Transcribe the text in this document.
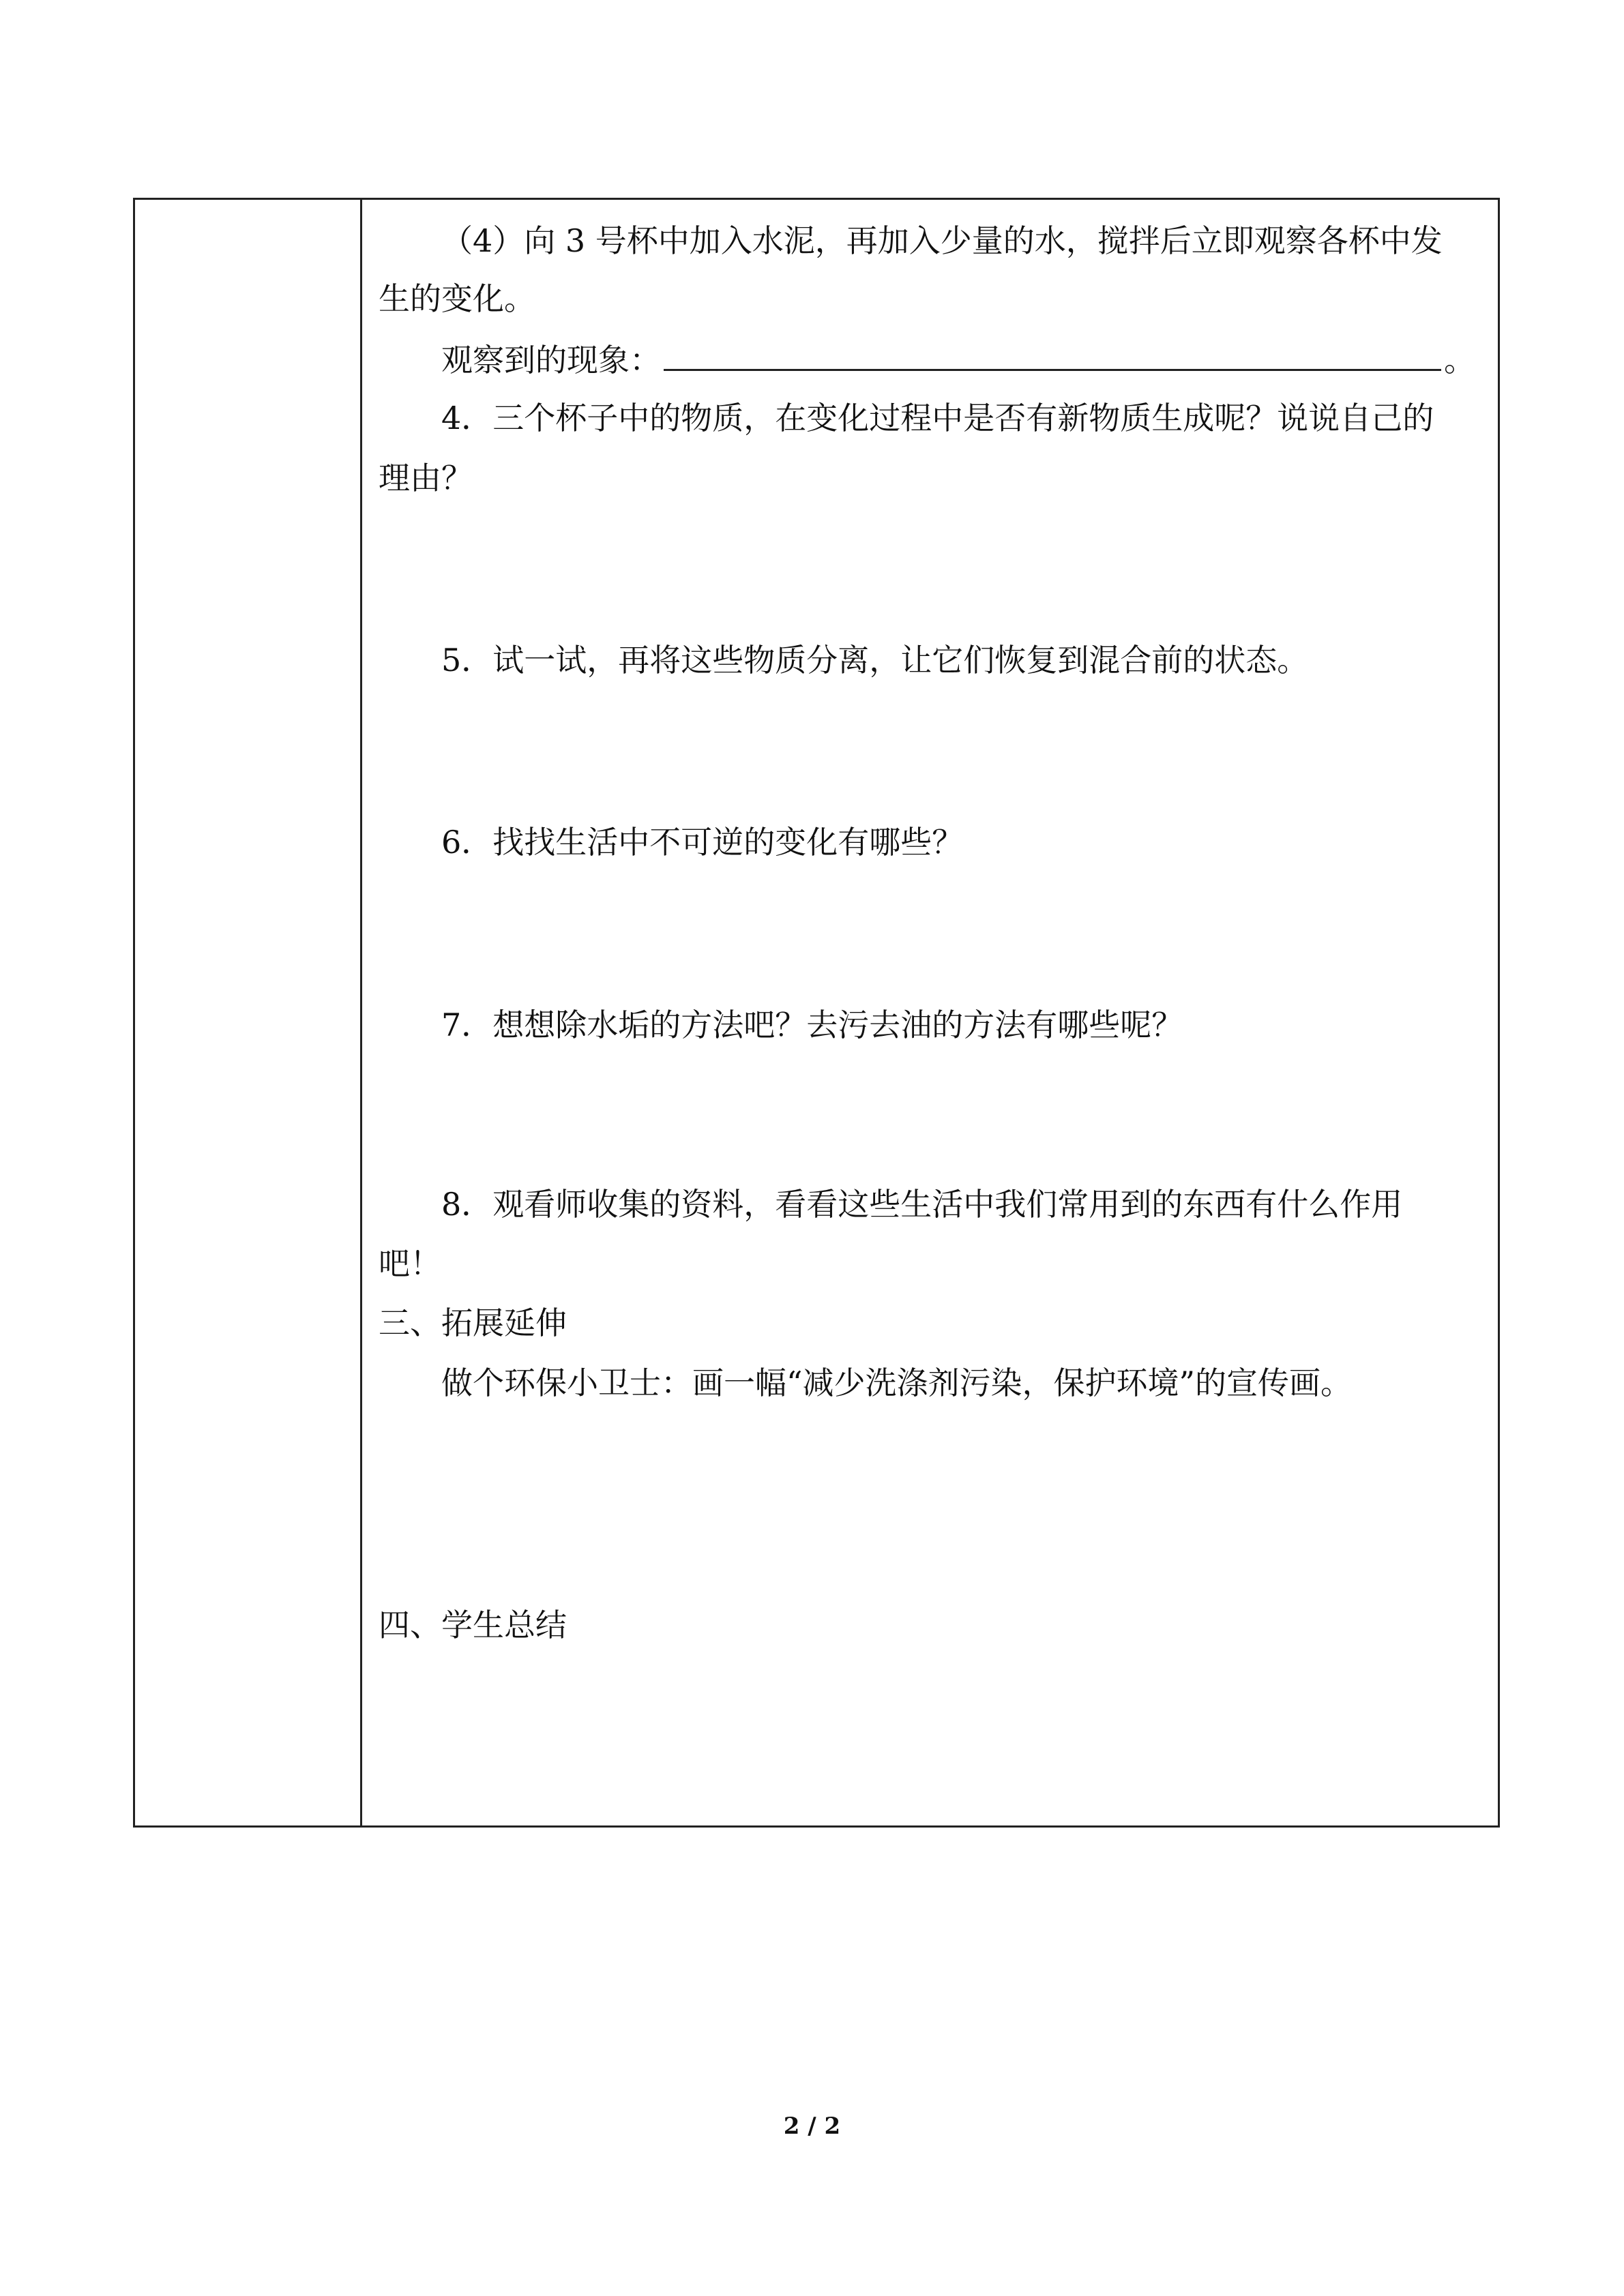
（4）向 3 号杯中加入水泥，再加入少量的水，搅拌后立即观察各杯中发
生的变化。
观察到的现象：	。
4．三个杯子中的物质，在变化过程中是否有新物质生成呢？说说自己的
理由？
5．试一试，再将这些物质分离，让它们恢复到混合前的状态。
6．找找生活中不可逆的变化有哪些？
7．想想除水垢的方法吧？去污去油的方法有哪些呢？
8．观看师收集的资料，看看这些生活中我们常用到的东西有什么作用
吧！
三、拓展延伸
做个环保小卫士：画一幅“减少洗涤剂污染，保护环境”的宣传画。
四、学生总结
2 / 2
